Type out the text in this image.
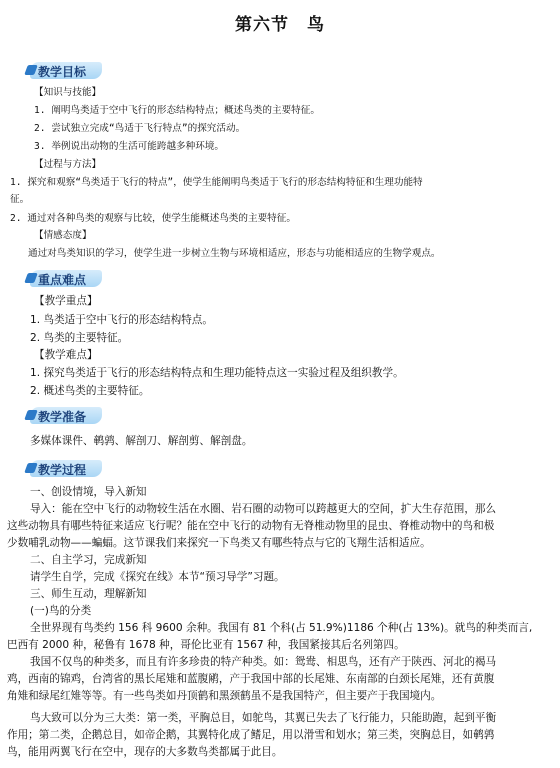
第六节　鸟
教学目标
【知识与技能】
1. 阐明鸟类适于空中飞行的形态结构特点；概述鸟类的主要特征。
2. 尝试独立完成“鸟适于飞行特点”的探究活动。
3. 举例说出动物的生活可能跨越多种环境。
【过程与方法】
1. 探究和观察“鸟类适于飞行的特点”，使学生能阐明鸟类适于飞行的形态结构特征和生理功能特
征。
2. 通过对各种鸟类的观察与比较，使学生能概述鸟类的主要特征。
【情感态度】
通过对鸟类知识的学习，使学生进一步树立生物与环境相适应，形态与功能相适应的生物学观点。
重点难点
【教学重点】
1. 鸟类适于空中飞行的形态结构特点。
2. 鸟类的主要特征。
【教学难点】
1. 探究鸟类适于飞行的形态结构特点和生理功能特点这一实验过程及组织教学。
2. 概述鸟类的主要特征。
教学准备
多媒体课件、鹌鹑、解剖刀、解剖剪、解剖盘。
教学过程
一、创设情境，导入新知
导入：能在空中飞行的动物较生活在水圈、岩石圈的动物可以跨越更大的空间，扩大生存范围，那么
这些动物具有哪些特征来适应飞行呢？能在空中飞行的动物有无脊椎动物里的昆虫、脊椎动物中的鸟和极
少数哺乳动物——蝙蝠。这节课我们来探究一下鸟类又有哪些特点与它的飞翔生活相适应。
二、自主学习，完成新知
请学生自学，完成《探究在线》本节“预习导学”习题。
三、师生互动，理解新知
(一)鸟的分类
全世界现有鸟类约 156 科 9600 余种。我国有 81 个科(占 51.9%)1186 个种(占 13%)。就鸟的种类而言,
巴西有 2000 种，秘鲁有 1678 种，哥伦比亚有 1567 种，我国紧接其后名列第四。
我国不仅鸟的种类多，而且有许多珍贵的特产种类。如：鸳鸯、相思鸟，还有产于陕西、河北的褐马
鸡，西南的锦鸡，台湾省的黑长尾雉和蓝腹鹇，产于我国中部的长尾雉、东南部的白颈长尾雉，还有黄腹
角雉和绿尾红雉等等。有一些鸟类如丹顶鹤和黑颈鹤虽不是我国特产，但主要产于我国境内。
鸟大致可以分为三大类：第一类，平胸总目，如鸵鸟，其翼已失去了飞行能力，只能助跑，起到平衡
作用；第二类，企鹅总目，如帝企鹅，其翼特化成了鳍足，用以滑雪和划水；第三类，突胸总目，如鹌鹑
鸟，能用两翼飞行在空中，现存的大多数鸟类都属于此目。
